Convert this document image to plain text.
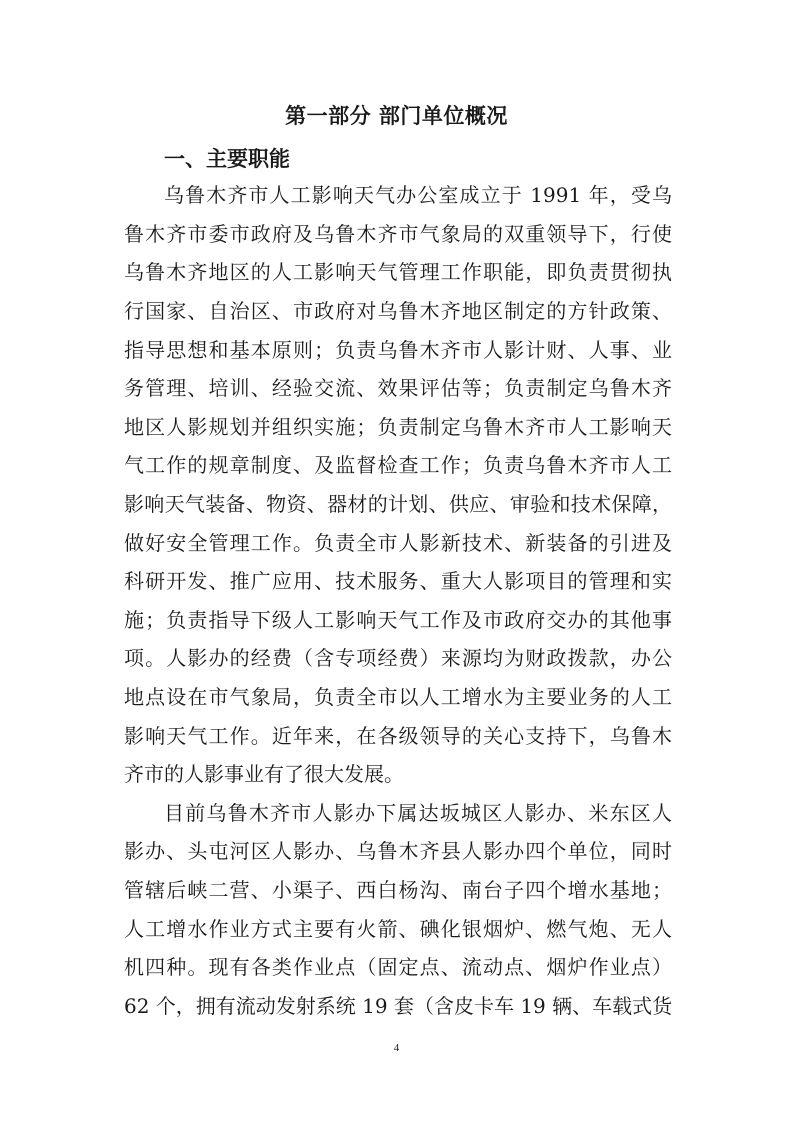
第一部分 部门单位概况
一、主要职能
乌鲁木齐市人工影响天气办公室成立于 1991 年，受乌
鲁木齐市委市政府及乌鲁木齐市气象局的双重领导下，行使
乌鲁木齐地区的人工影响天气管理工作职能，即负责贯彻执
行国家、自治区、市政府对乌鲁木齐地区制定的方针政策、
指导思想和基本原则；负责乌鲁木齐市人影计财、人事、业
务管理、培训、经验交流、效果评估等；负责制定乌鲁木齐
地区人影规划并组织实施；负责制定乌鲁木齐市人工影响天
气工作的规章制度、及监督检查工作；负责乌鲁木齐市人工
影响天气装备、物资、器材的计划、供应、审验和技术保障，
做好安全管理工作。负责全市人影新技术、新装备的引进及
科研开发、推广应用、技术服务、重大人影项目的管理和实
施；负责指导下级人工影响天气工作及市政府交办的其他事
项。人影办的经费（含专项经费）来源均为财政拨款，办公
地点设在市气象局，负责全市以人工增水为主要业务的人工
影响天气工作。近年来，在各级领导的关心支持下，乌鲁木
齐市的人影事业有了很大发展。
目前乌鲁木齐市人影办下属达坂城区人影办、米东区人
影办、头屯河区人影办、乌鲁木齐县人影办四个单位，同时
管辖后峡二营、小渠子、西白杨沟、南台子四个增水基地；
人工增水作业方式主要有火箭、碘化银烟炉、燃气炮、无人
机四种。现有各类作业点（固定点、流动点、烟炉作业点）
62 个，拥有流动发射系统 19 套（含皮卡车 19 辆、车载式货
4
